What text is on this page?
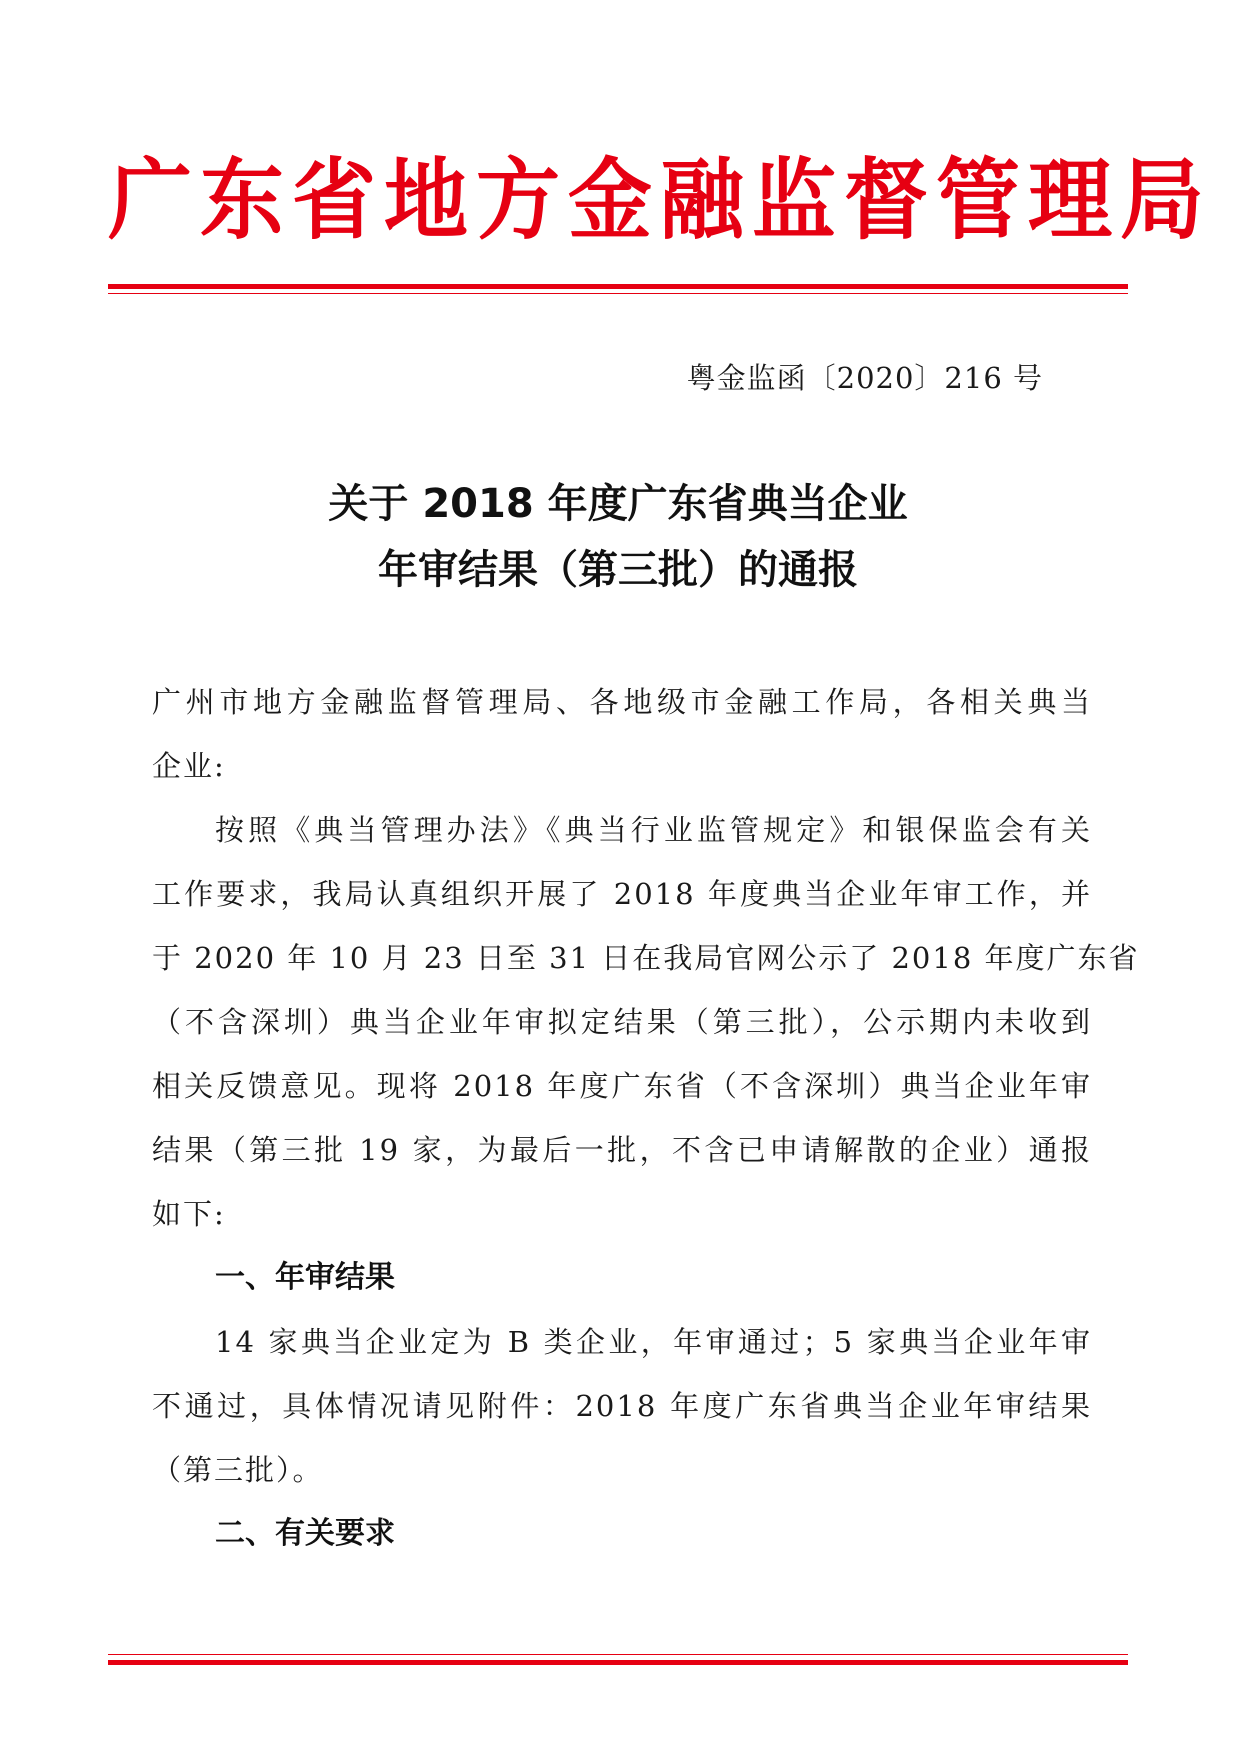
广东省地方金融监督管理局
粤金监函〔2020〕216 号
关于 2018 年度广东省典当企业
年审结果（第三批）的通报
广州市地方金融监督管理局、各地级市金融工作局，各相关典当
企业:
按照《典当管理办法》《典当行业监管规定》和银保监会有关
工作要求，我局认真组织开展了 2018 年度典当企业年审工作，并
于 2020 年 10 月 23 日至 31 日在我局官网公示了 2018 年度广东省
（不含深圳）典当企业年审拟定结果（第三批），公示期内未收到
相关反馈意见。现将 2018 年度广东省（不含深圳）典当企业年审
结果（第三批 19 家，为最后一批，不含已申请解散的企业）通报
如下:
一、年审结果
14 家典当企业定为 B 类企业，年审通过；5 家典当企业年审
不通过，具体情况请见附件：2018 年度广东省典当企业年审结果
（第三批）。
二、有关要求
